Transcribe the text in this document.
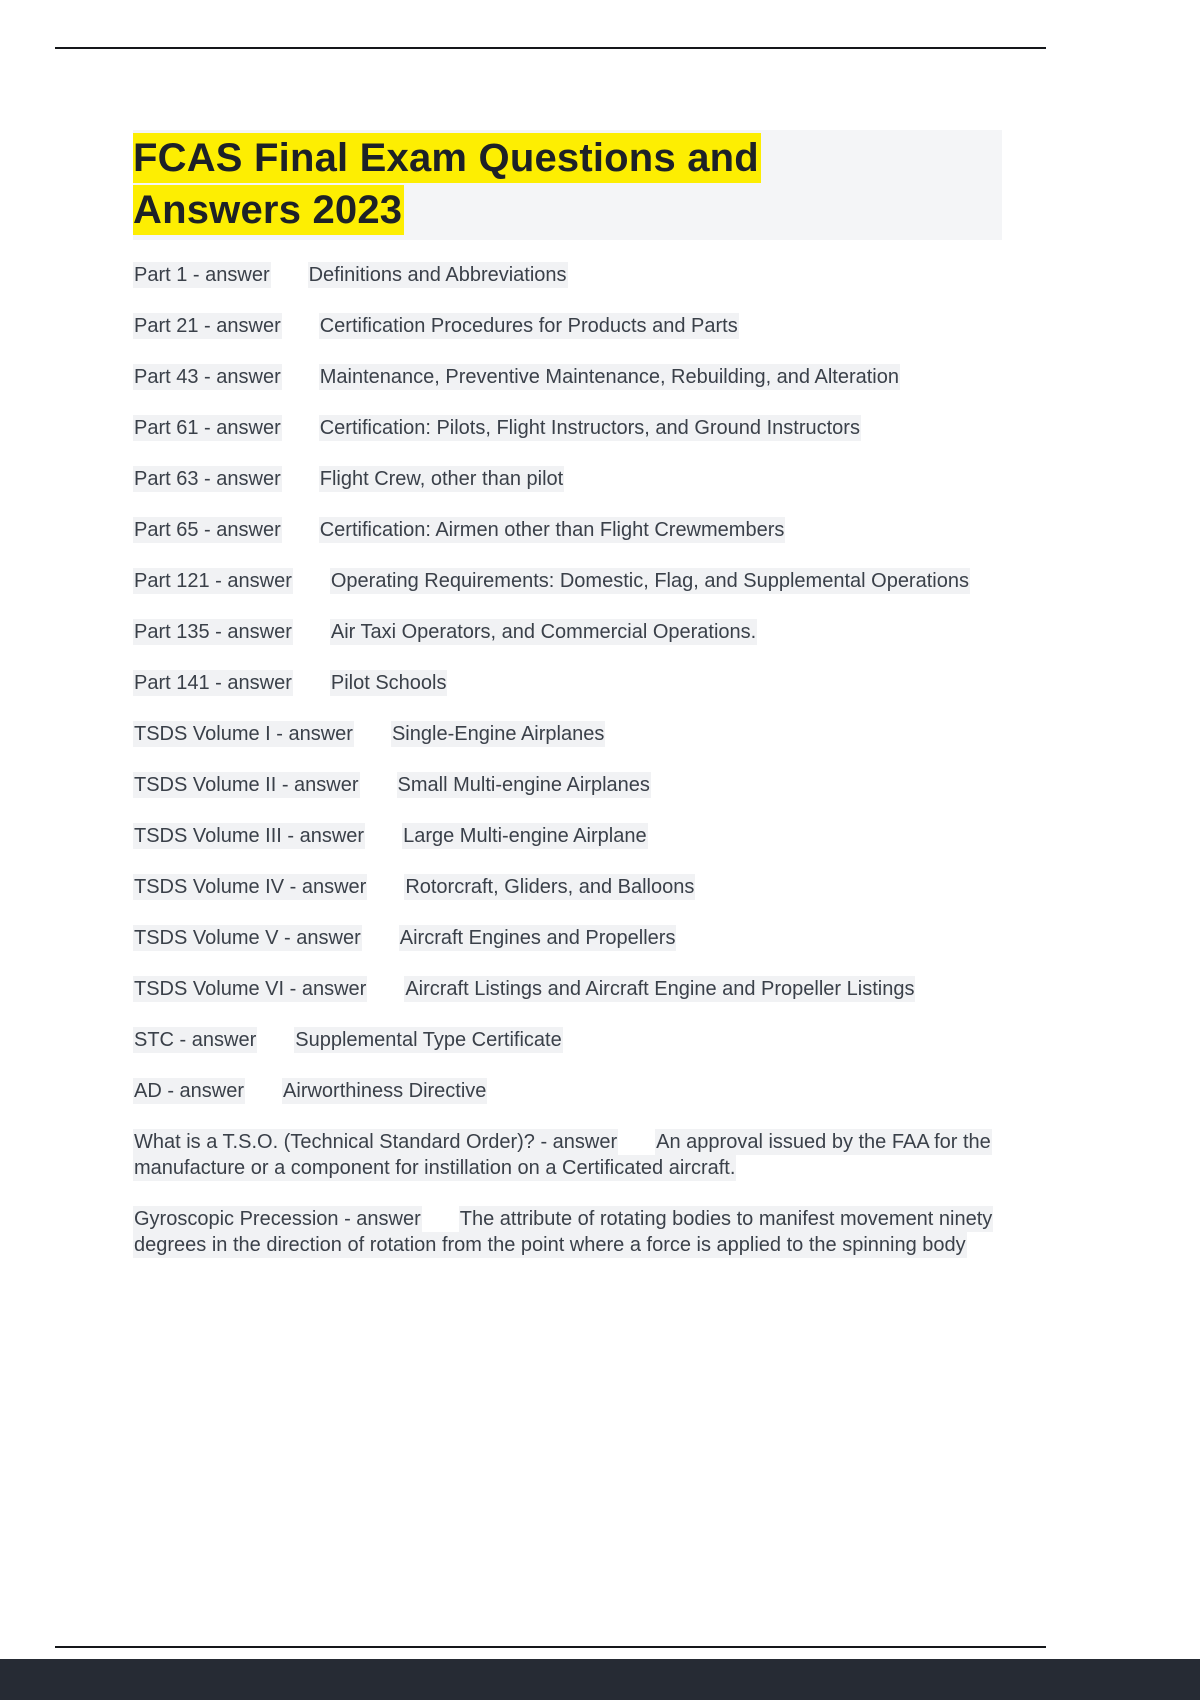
FCAS Final Exam Questions and Answers 2023
Part 1 - answer Definitions and Abbreviations
Part 21 - answer Certification Procedures for Products and Parts
Part 43 - answer Maintenance, Preventive Maintenance, Rebuilding, and Alteration
Part 61 - answer Certification: Pilots, Flight Instructors, and Ground Instructors
Part 63 - answer Flight Crew, other than pilot
Part 65 - answer Certification: Airmen other than Flight Crewmembers
Part 121 - answer Operating Requirements: Domestic, Flag, and Supplemental Operations
Part 135 - answer Air Taxi Operators, and Commercial Operations.
Part 141 - answer Pilot Schools
TSDS Volume I - answer Single-Engine Airplanes
TSDS Volume II - answer Small Multi-engine Airplanes
TSDS Volume III - answer Large Multi-engine Airplane
TSDS Volume IV - answer Rotorcraft, Gliders, and Balloons
TSDS Volume V - answer Aircraft Engines and Propellers
TSDS Volume VI - answer Aircraft Listings and Aircraft Engine and Propeller Listings
STC - answer Supplemental Type Certificate
AD - answer Airworthiness Directive
What is a T.S.O. (Technical Standard Order)? - answer An approval issued by the FAA for the manufacture or a component for instillation on a Certificated aircraft.
Gyroscopic Precession - answer The attribute of rotating bodies to manifest movement ninety degrees in the direction of rotation from the point where a force is applied to the spinning body
